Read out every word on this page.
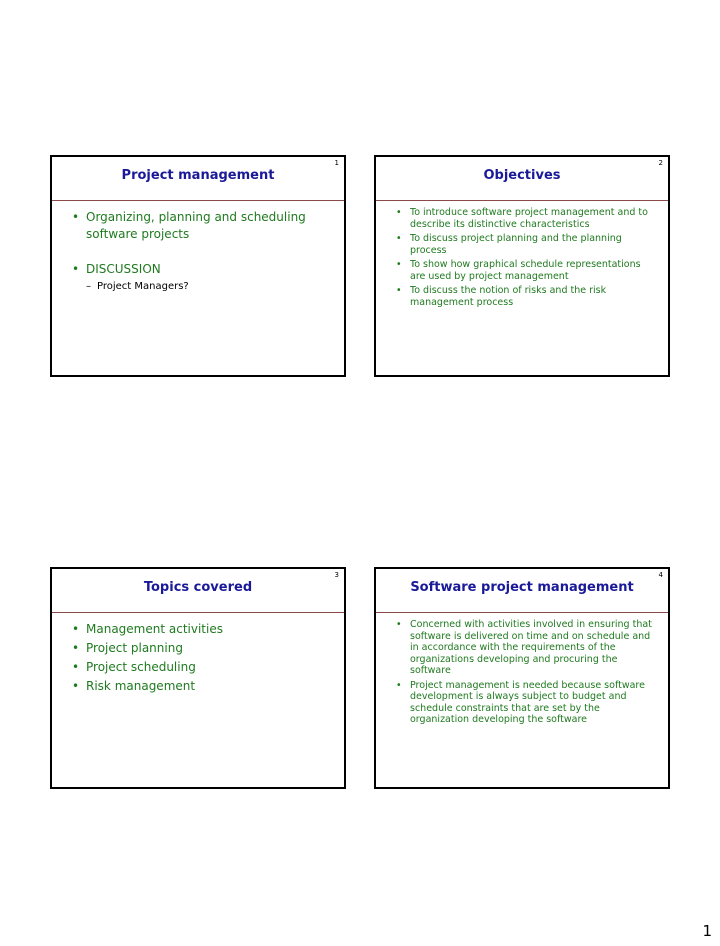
1
Project management
• Organizing, planning and scheduling software projects
• DISCUSSION
– Project Managers?
2
Objectives
• To introduce software project management and to describe its distinctive characteristics
• To discuss project planning and the planning process
• To show how graphical schedule representations are used by project management
• To discuss the notion of risks and the risk management process
3
Topics covered
• Management activities
• Project planning
• Project scheduling
• Risk management
4
Software project management
• Concerned with activities involved in ensuring that software is delivered on time and on schedule and in accordance with the requirements of the organizations developing and procuring the software
• Project management is needed because software development is always subject to budget and schedule constraints that are set by the organization developing the software
1
